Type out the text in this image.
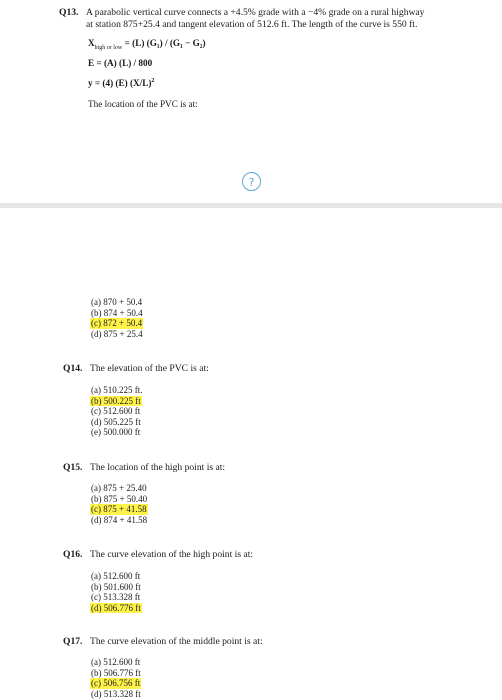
Q13. A parabolic vertical curve connects a +4.5% grade with a −4% grade on a rural highway
at station 875+25.4 and tangent elevation of 512.6 ft. The length of the curve is 550 ft.
$X_{high or low} = (L)$ (G₁) / (G₁ − G₂)
E = (A) (L) / 800
y = (4) (E) $(X/L)^2$
The location of the PVC is at:
?
(a) 870 + 50.4
(b) 874 + 50.4
(c) 872 + 50.4
(d) 875 + 25.4
Q14. The elevation of the PVC is at:
(a) 510.225 ft.
(b) 500.225 ft
(c) 512.600 ft
(d) 505.225 ft
(e) 500.000 ft
Q15. The location of the high point is at:
(a) 875 + 25.40
(b) 875 + 50.40
(c) 875 + 41.58
(d) 874 + 41.58
Q16. The curve elevation of the high point is at:
(a) 512.600 ft
(b) 501.600 ft
(c) 513.328 ft
(d) 506.776 ft
Q17. The curve elevation of the middle point is at:
(a) 512.600 ft
(b) 506.776 ft
(c) 506.756 ft
(d) 513.328 ft
